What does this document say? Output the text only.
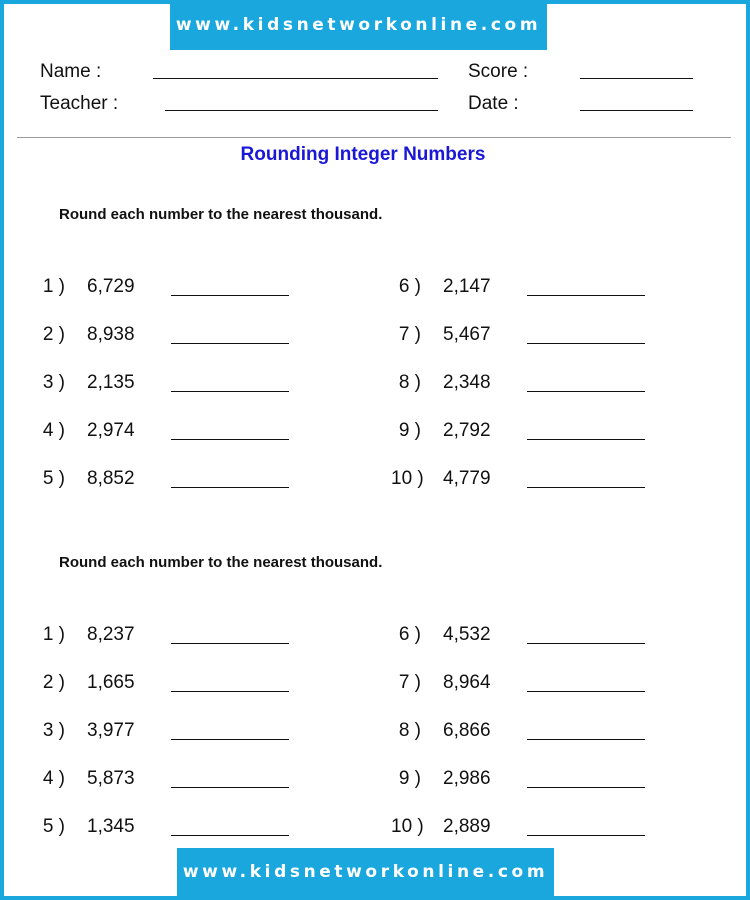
www.kidsnetworkonline.com
Name :
Teacher :
Score :
Date :
Rounding Integer Numbers
Round each number to the nearest thousand.
1 ) 6,729
2 ) 8,938
3 ) 2,135
4 ) 2,974
5 ) 8,852
6 ) 2,147
7 ) 5,467
8 ) 2,348
9 ) 2,792
10 ) 4,779
Round each number to the nearest thousand.
1 ) 8,237
2 ) 1,665
3 ) 3,977
4 ) 5,873
5 ) 1,345
6 ) 4,532
7 ) 8,964
8 ) 6,866
9 ) 2,986
10 ) 2,889
www.kidsnetworkonline.com
